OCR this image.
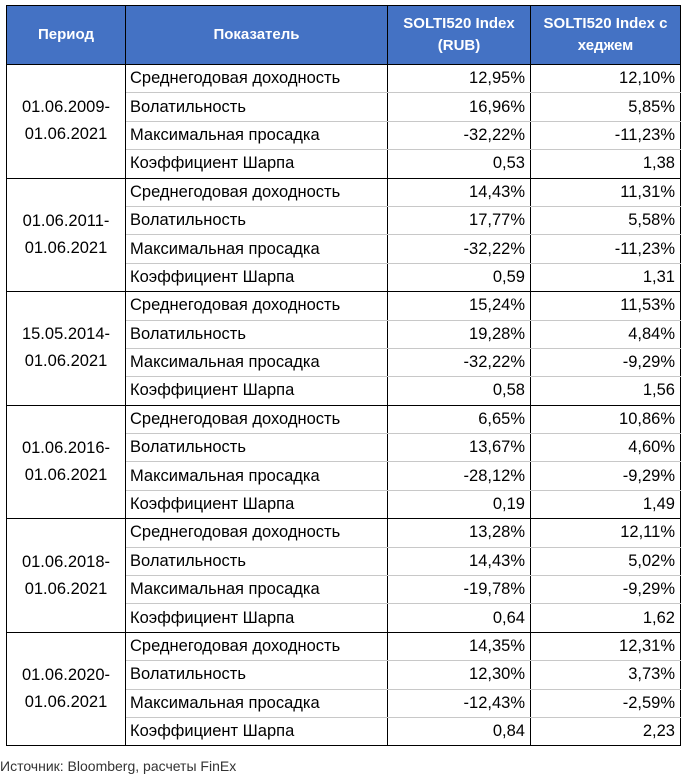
Период	Показатель	SOLTI520 Index (RUB)	SOLTI520 Index с хеджем

01.06.2009-
01.06.2021	Среднегодовая доходность	12,95%	12,10%
	Волатильность	16,96%	5,85%
	Максимальная просадка	-32,22%	-11,23%
	Коэффициент Шарпа	0,53	1,38

01.06.2011-
01.06.2021	Среднегодовая доходность	14,43%	11,31%
	Волатильность	17,77%	5,58%
	Максимальная просадка	-32,22%	-11,23%
	Коэффициент Шарпа	0,59	1,31

15.05.2014-
01.06.2021	Среднегодовая доходность	15,24%	11,53%
	Волатильность	19,28%	4,84%
	Максимальная просадка	-32,22%	-9,29%
	Коэффициент Шарпа	0,58	1,56

01.06.2016-
01.06.2021	Среднегодовая доходность	6,65%	10,86%
	Волатильность	13,67%	4,60%
	Максимальная просадка	-28,12%	-9,29%
	Коэффициент Шарпа	0,19	1,49

01.06.2018-
01.06.2021	Среднегодовая доходность	13,28%	12,11%
	Волатильность	14,43%	5,02%
	Максимальная просадка	-19,78%	-9,29%
	Коэффициент Шарпа	0,64	1,62

01.06.2020-
01.06.2021	Среднегодовая доходность	14,35%	12,31%
	Волатильность	12,30%	3,73%
	Максимальная просадка	-12,43%	-2,59%
	Коэффициент Шарпа	0,84	2,23
Источник: Bloomberg, расчеты FinEx
